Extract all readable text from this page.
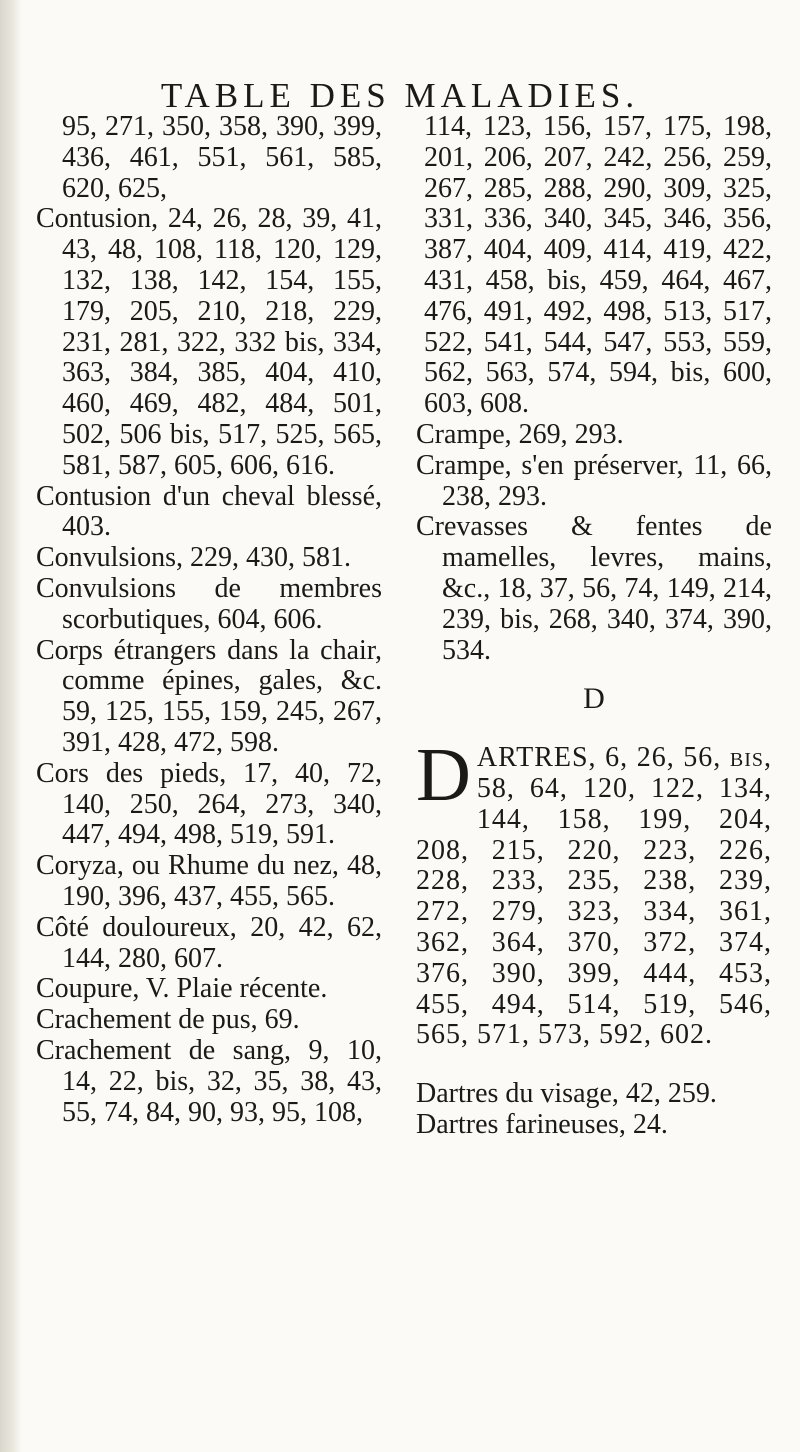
TABLE DES MALADIES.

95, 271, 350, 358, 390, 399, 436, 461, 551, 561, 585, 620, 625,

Contusion, 24, 26, 28, 39, 41, 43, 48, 108, 118, 120, 129, 132, 138, 142, 154, 155, 179, 205, 210, 218, 229, 231, 281, 322, 332 bis, 334, 363, 384, 385, 404, 410, 460, 469, 482, 484, 501, 502, 506 bis, 517, 525, 565, 581, 587, 605, 606, 616.

Contusion d'un cheval blessé, 403.

Convulsions, 229, 430, 581.

Convulsions de membres scorbutiques, 604, 606.

Corps étrangers dans la chair, comme épines, gales, &c. 59, 125, 155, 159, 245, 267, 391, 428, 472, 598.

Cors des pieds, 17, 40, 72, 140, 250, 264, 273, 340, 447, 494, 498, 519, 591.

Coryza, ou Rhume du nez, 48, 190, 396, 437, 455, 565.

Côté douloureux, 20, 42, 62, 144, 280, 607.

Coupure, V. Plaie récente.

Crachement de pus, 69.

Crachement de sang, 9, 10, 14, 22, bis, 32, 35, 38, 43, 55, 74, 84, 90, 93, 95, 108,

114, 123, 156, 157, 175, 198, 201, 206, 207, 242, 256, 259, 267, 285, 288, 290, 309, 325, 331, 336, 340, 345, 346, 356, 387, 404, 409, 414, 419, 422, 431, 458, bis, 459, 464, 467, 476, 491, 492, 498, 513, 517, 522, 541, 544, 547, 553, 559, 562, 563, 574, 594, bis, 600, 603, 608.

Crampe, 269, 293.

Crampe, s'en préserver, 11, 66, 238, 293.

Crevasses & fentes de mamelles, levres, mains, &c., 18, 37, 56, 74, 149, 214, 239, bis, 268, 340, 374, 390, 534.

D

D ARTRES, 6, 26, 56, bis, 58, 64, 120, 122, 134, 144, 158, 199, 204, 208, 215, 220, 223, 226, 228, 233, 235, 238, 239, 272, 279, 323, 334, 361, 362, 364, 370, 372, 374, 376, 390, 399, 444, 453, 455, 494, 514, 519, 546, 565, 571, 573, 592, 602.

Dartres du visage, 42, 259.

Dartres farineuses, 24.
